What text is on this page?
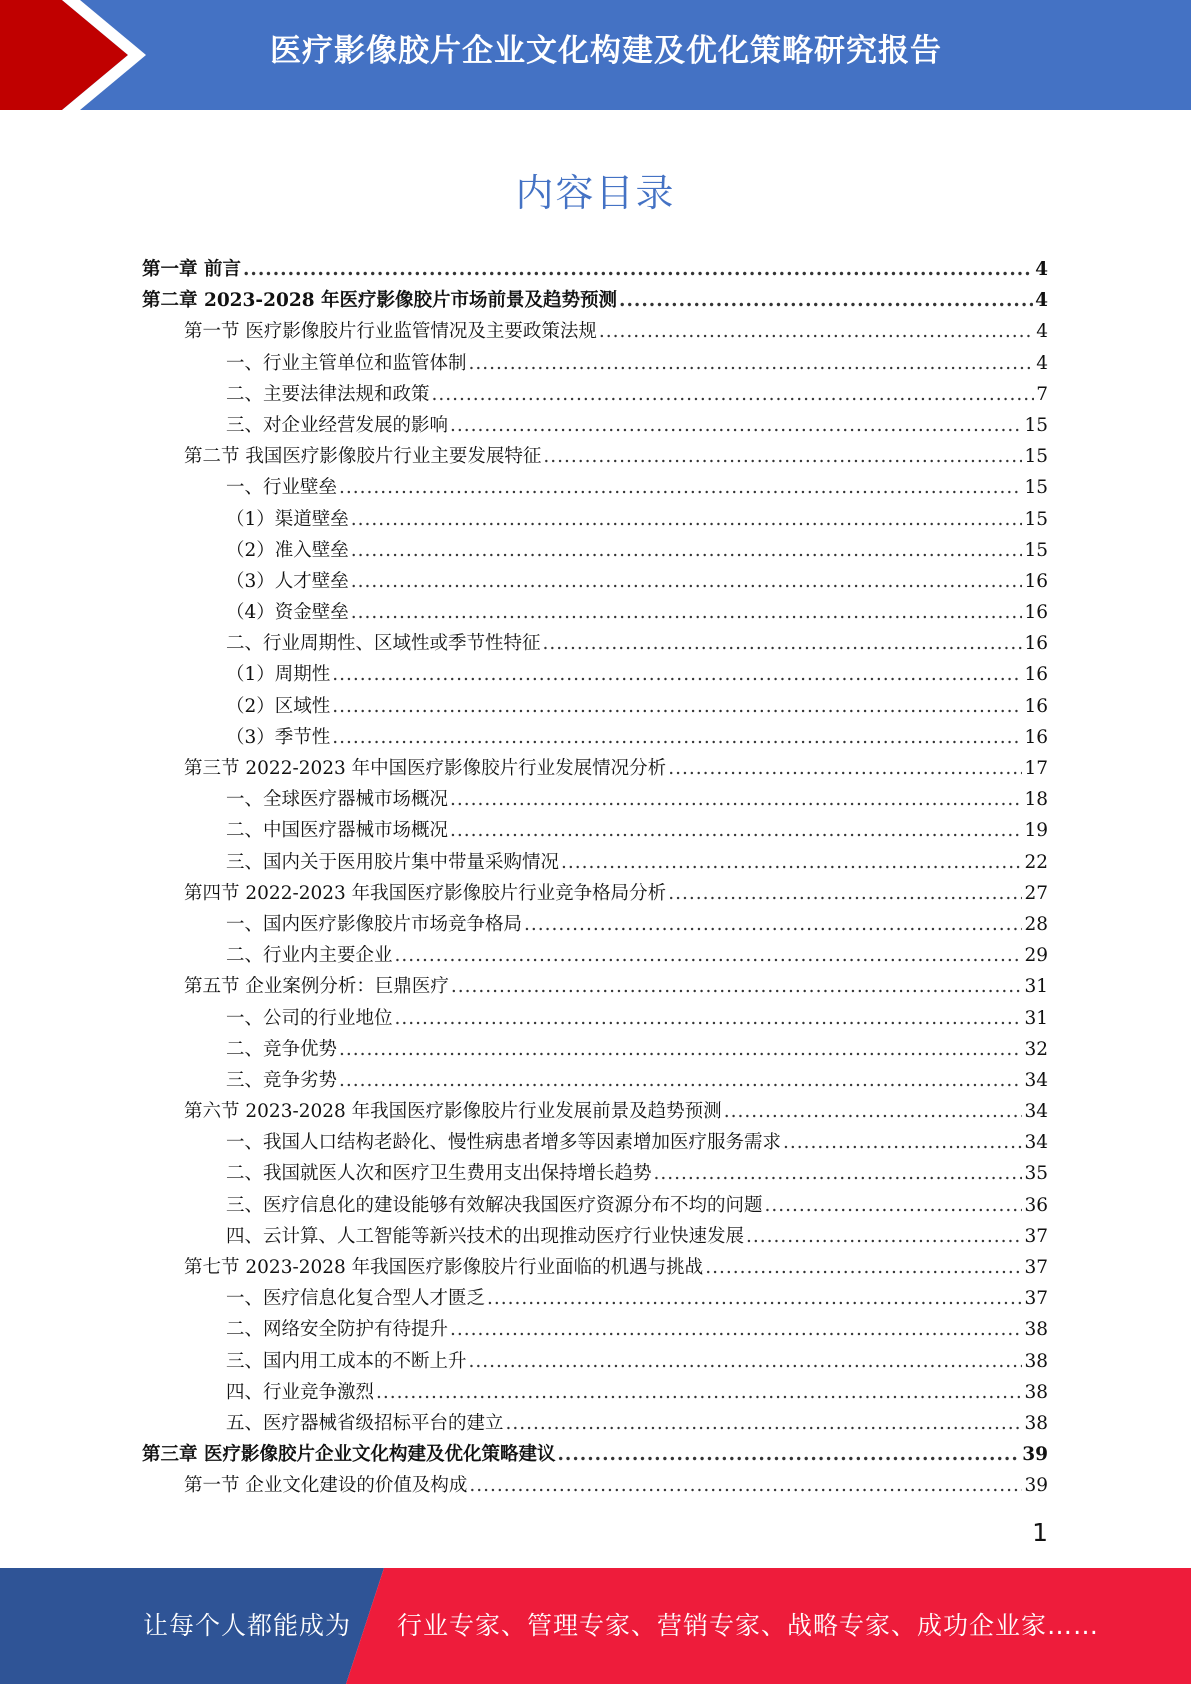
医疗影像胶片企业文化构建及优化策略研究报告
内容目录
第一章 前言 .....	4
第二章 2023-2028 年医疗影像胶片市场前景及趋势预测 .....	4
第一节 医疗影像胶片行业监管情况及主要政策法规 .....	4
一、行业主管单位和监管体制 .....	4
二、主要法律法规和政策 .....	7
三、对企业经营发展的影响 .....	15
第二节 我国医疗影像胶片行业主要发展特征 .....	15
一、行业壁垒 .....	15
（1）渠道壁垒 .....	15
（2）准入壁垒 .....	15
（3）人才壁垒 .....	16
（4）资金壁垒 .....	16
二、行业周期性、区域性或季节性特征 .....	16
（1）周期性 .....	16
（2）区域性 .....	16
（3）季节性 .....	16
第三节 2022-2023 年中国医疗影像胶片行业发展情况分析 .....	17
一、全球医疗器械市场概况 .....	18
二、中国医疗器械市场概况 .....	19
三、国内关于医用胶片集中带量采购情况 .....	22
第四节 2022-2023 年我国医疗影像胶片行业竞争格局分析 .....	27
一、国内医疗影像胶片市场竞争格局 .....	28
二、行业内主要企业 .....	29
第五节 企业案例分析：巨鼎医疗 .....	31
一、公司的行业地位 .....	31
二、竞争优势 .....	32
三、竞争劣势 .....	34
第六节 2023-2028 年我国医疗影像胶片行业发展前景及趋势预测 .....	34
一、我国人口结构老龄化、慢性病患者增多等因素增加医疗服务需求 .....	34
二、我国就医人次和医疗卫生费用支出保持增长趋势 .....	35
三、医疗信息化的建设能够有效解决我国医疗资源分布不均的问题 .....	36
四、云计算、人工智能等新兴技术的出现推动医疗行业快速发展 .....	37
第七节 2023-2028 年我国医疗影像胶片行业面临的机遇与挑战 .....	37
一、医疗信息化复合型人才匮乏 .....	37
二、网络安全防护有待提升 .....	38
三、国内用工成本的不断上升 .....	38
四、行业竞争激烈 .....	38
五、医疗器械省级招标平台的建立 .....	38
第三章 医疗影像胶片企业文化构建及优化策略建议 .....	39
第一节 企业文化建设的价值及构成 .....	39
1
让每个人都能成为 行业专家、管理专家、营销专家、战略专家、成功企业家……
